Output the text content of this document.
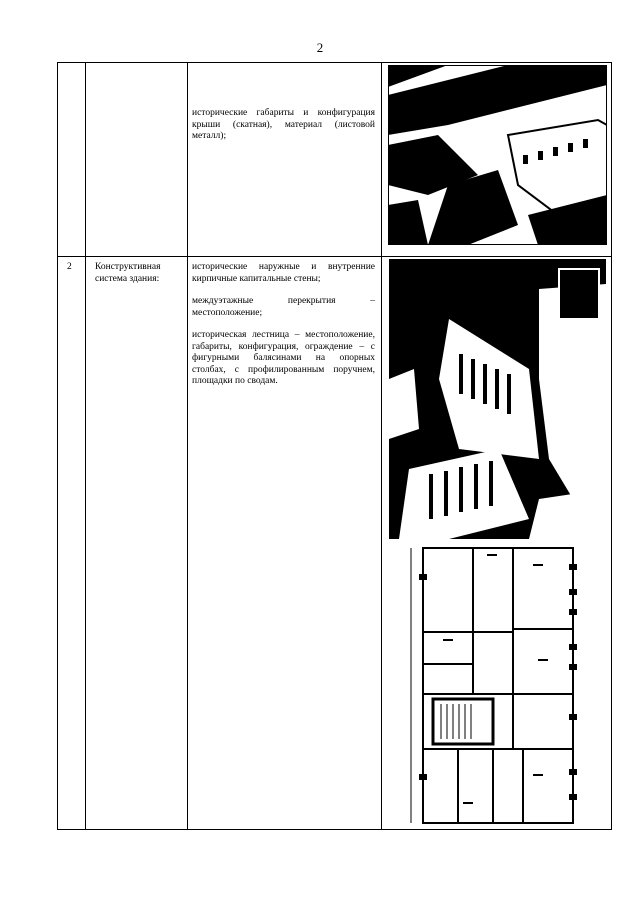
2

исторические габариты и конфигурация крыши (скатная), материал (листовой металл);

2	Конструктивная система здания:

исторические наружные и внутренние кирпичные капитальные стены;

междуэтажные перекрытия – местоположение;

историческая лестница – местоположение, габариты, конфигурация, ограждение – с фигурными балясинами на опорных столбах, с профилированным поручнем, площадки по сводам.
